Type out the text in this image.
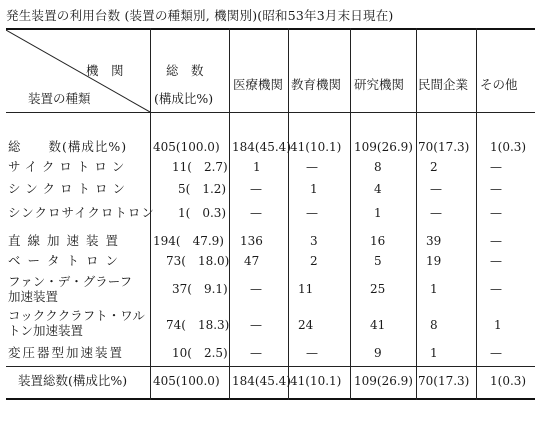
発生装置の利用台数 (装置の種類別, 機関別)(昭和53年3月末日現在)
機　関
装置の種類
総　数
(構成比%)
医療機関 教育機関 研究機関 民間企業 その他
総　　数(構成比%) 405(100.0) 184(45.4) 41(10.1) 109(26.9) 70(17.3) 1(0.3)
サイクロトロン	11(　2.7) 1	—	8	2	—
シンクロトロン	5(　1.2) —	1	4	—	—
シンクロサイクロトロン 1(　0.3) —	—	1	—	—
直線加速装置 194(　47.9) 136	3	16	39	—
ベータトロン	73(　18.0) 47	2	5	19	—
ファン・デ・グラーフ
加速装置	37(　9.1) —	11	25	1	—
コックククラフト・ワル
トン加速装置	74(　18.3) —	24	41	8	1
変圧器型加速装置	10(　2.5) —	—	9	1	—
装置総数(構成比%) 405(100.0) 184(45.4) 41(10.1) 109(26.9) 70(17.3) 1(0.3)
